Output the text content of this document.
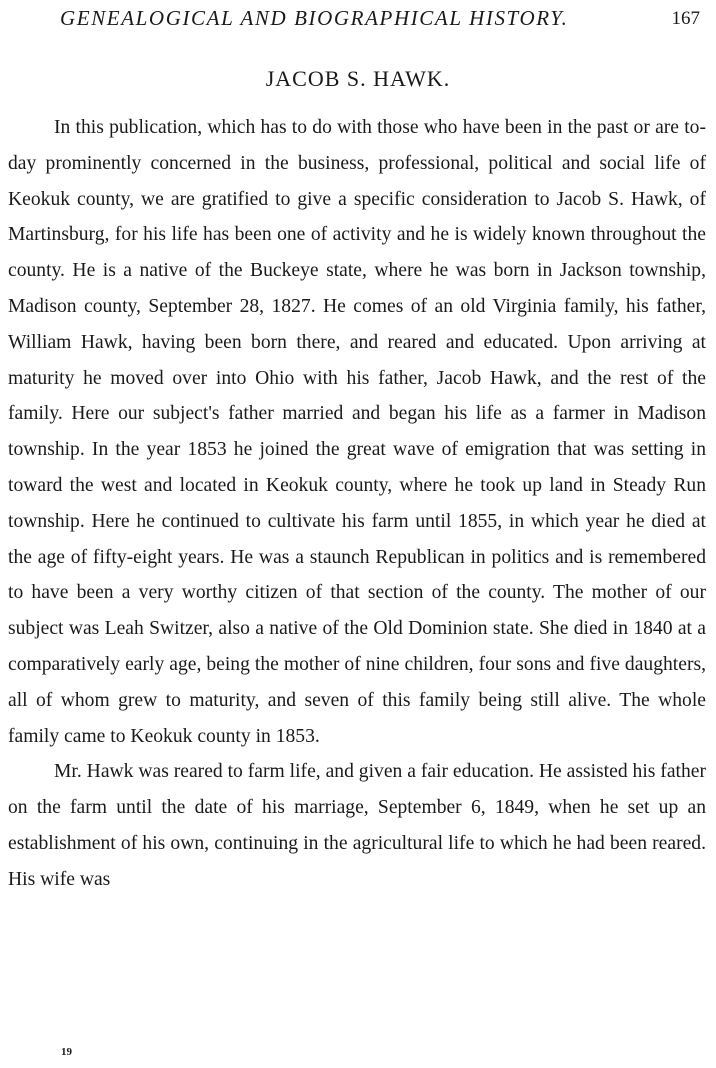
GENEALOGICAL AND BIOGRAPHICAL HISTORY.	167
JACOB S. HAWK.

In this publication, which has to do with those who have been in the past or are to-day prominently concerned in the business, professional, political and social life of Keokuk county, we are gratified to give a specific consideration to Jacob S. Hawk, of Martinsburg, for his life has been one of activity and he is widely known throughout the county. He is a native of the Buckeye state, where he was born in Jackson township, Madison county, September 28, 1827. He comes of an old Virginia family, his father, William Hawk, having been born there, and reared and educated. Upon arriving at maturity he moved over into Ohio with his father, Jacob Hawk, and the rest of the family. Here our subject's father married and began his life as a farmer in Madison township. In the year 1853 he joined the great wave of emigration that was setting in toward the west and located in Keokuk county, where he took up land in Steady Run township. Here he continued to cultivate his farm until 1855, in which year he died at the age of fifty-eight years. He was a staunch Republican in politics and is remembered to have been a very worthy citizen of that section of the county. The mother of our subject was Leah Switzer, also a native of the Old Dominion state. She died in 1840 at a comparatively early age, being the mother of nine children, four sons and five daughters, all of whom grew to maturity, and seven of this family being still alive. The whole family came to Keokuk county in 1853.

Mr. Hawk was reared to farm life, and given a fair education. He assisted his father on the farm until the date of his marriage, September 6, 1849, when he set up an establishment of his own, continuing in the agricultural life to which he had been reared. His wife was

19
